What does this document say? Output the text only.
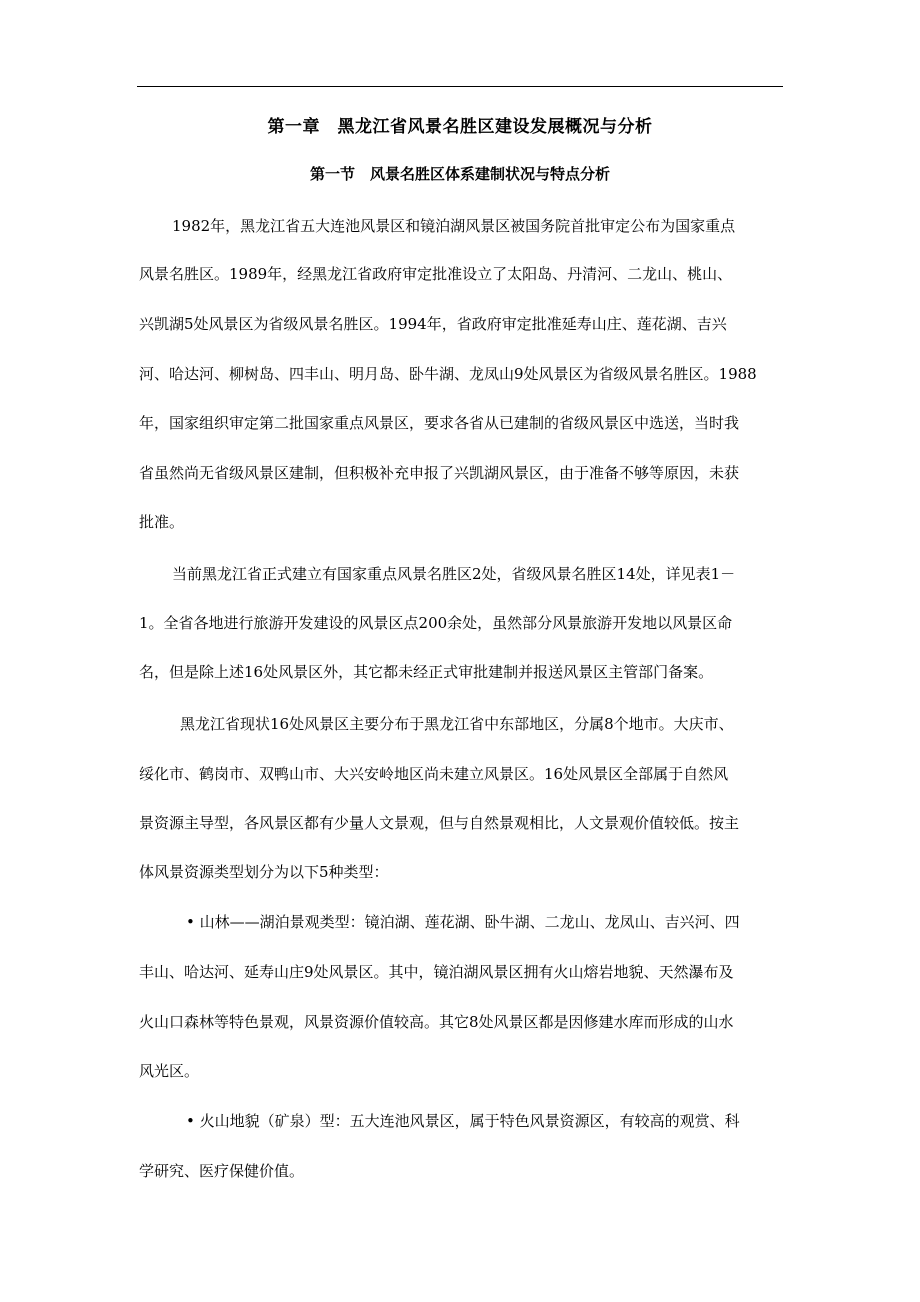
第一章　黑龙江省风景名胜区建设发展概况与分析
第一节　风景名胜区体系建制状况与特点分析
1982年，黑龙江省五大连池风景区和镜泊湖风景区被国务院首批审定公布为国家重点
风景名胜区。1989年，经黑龙江省政府审定批准设立了太阳岛、丹清河、二龙山、桃山、
兴凯湖5处风景区为省级风景名胜区。1994年，省政府审定批准延寿山庄、莲花湖、吉兴
河、哈达河、柳树岛、四丰山、明月岛、卧牛湖、龙凤山9处风景区为省级风景名胜区。1988
年，国家组织审定第二批国家重点风景区，要求各省从已建制的省级风景区中选送，当时我
省虽然尚无省级风景区建制，但积极补充申报了兴凯湖风景区，由于准备不够等原因，未获
批准。
当前黑龙江省正式建立有国家重点风景名胜区2处，省级风景名胜区14处，详见表1－
1。全省各地进行旅游开发建设的风景区点200余处，虽然部分风景旅游开发地以风景区命
名，但是除上述16处风景区外，其它都未经正式审批建制并报送风景区主管部门备案。
黑龙江省现状16处风景区主要分布于黑龙江省中东部地区，分属8个地市。大庆市、
绥化市、鹤岗市、双鸭山市、大兴安岭地区尚未建立风景区。16处风景区全部属于自然风
景资源主导型，各风景区都有少量人文景观，但与自然景观相比，人文景观价值较低。按主
体风景资源类型划分为以下5种类型：
• 山林——湖泊景观类型：镜泊湖、莲花湖、卧牛湖、二龙山、龙凤山、吉兴河、四
丰山、哈达河、延寿山庄9处风景区。其中，镜泊湖风景区拥有火山熔岩地貌、天然瀑布及
火山口森林等特色景观，风景资源价值较高。其它8处风景区都是因修建水库而形成的山水
风光区。
• 火山地貌（矿泉）型：五大连池风景区，属于特色风景资源区，有较高的观赏、科
学研究、医疗保健价值。
